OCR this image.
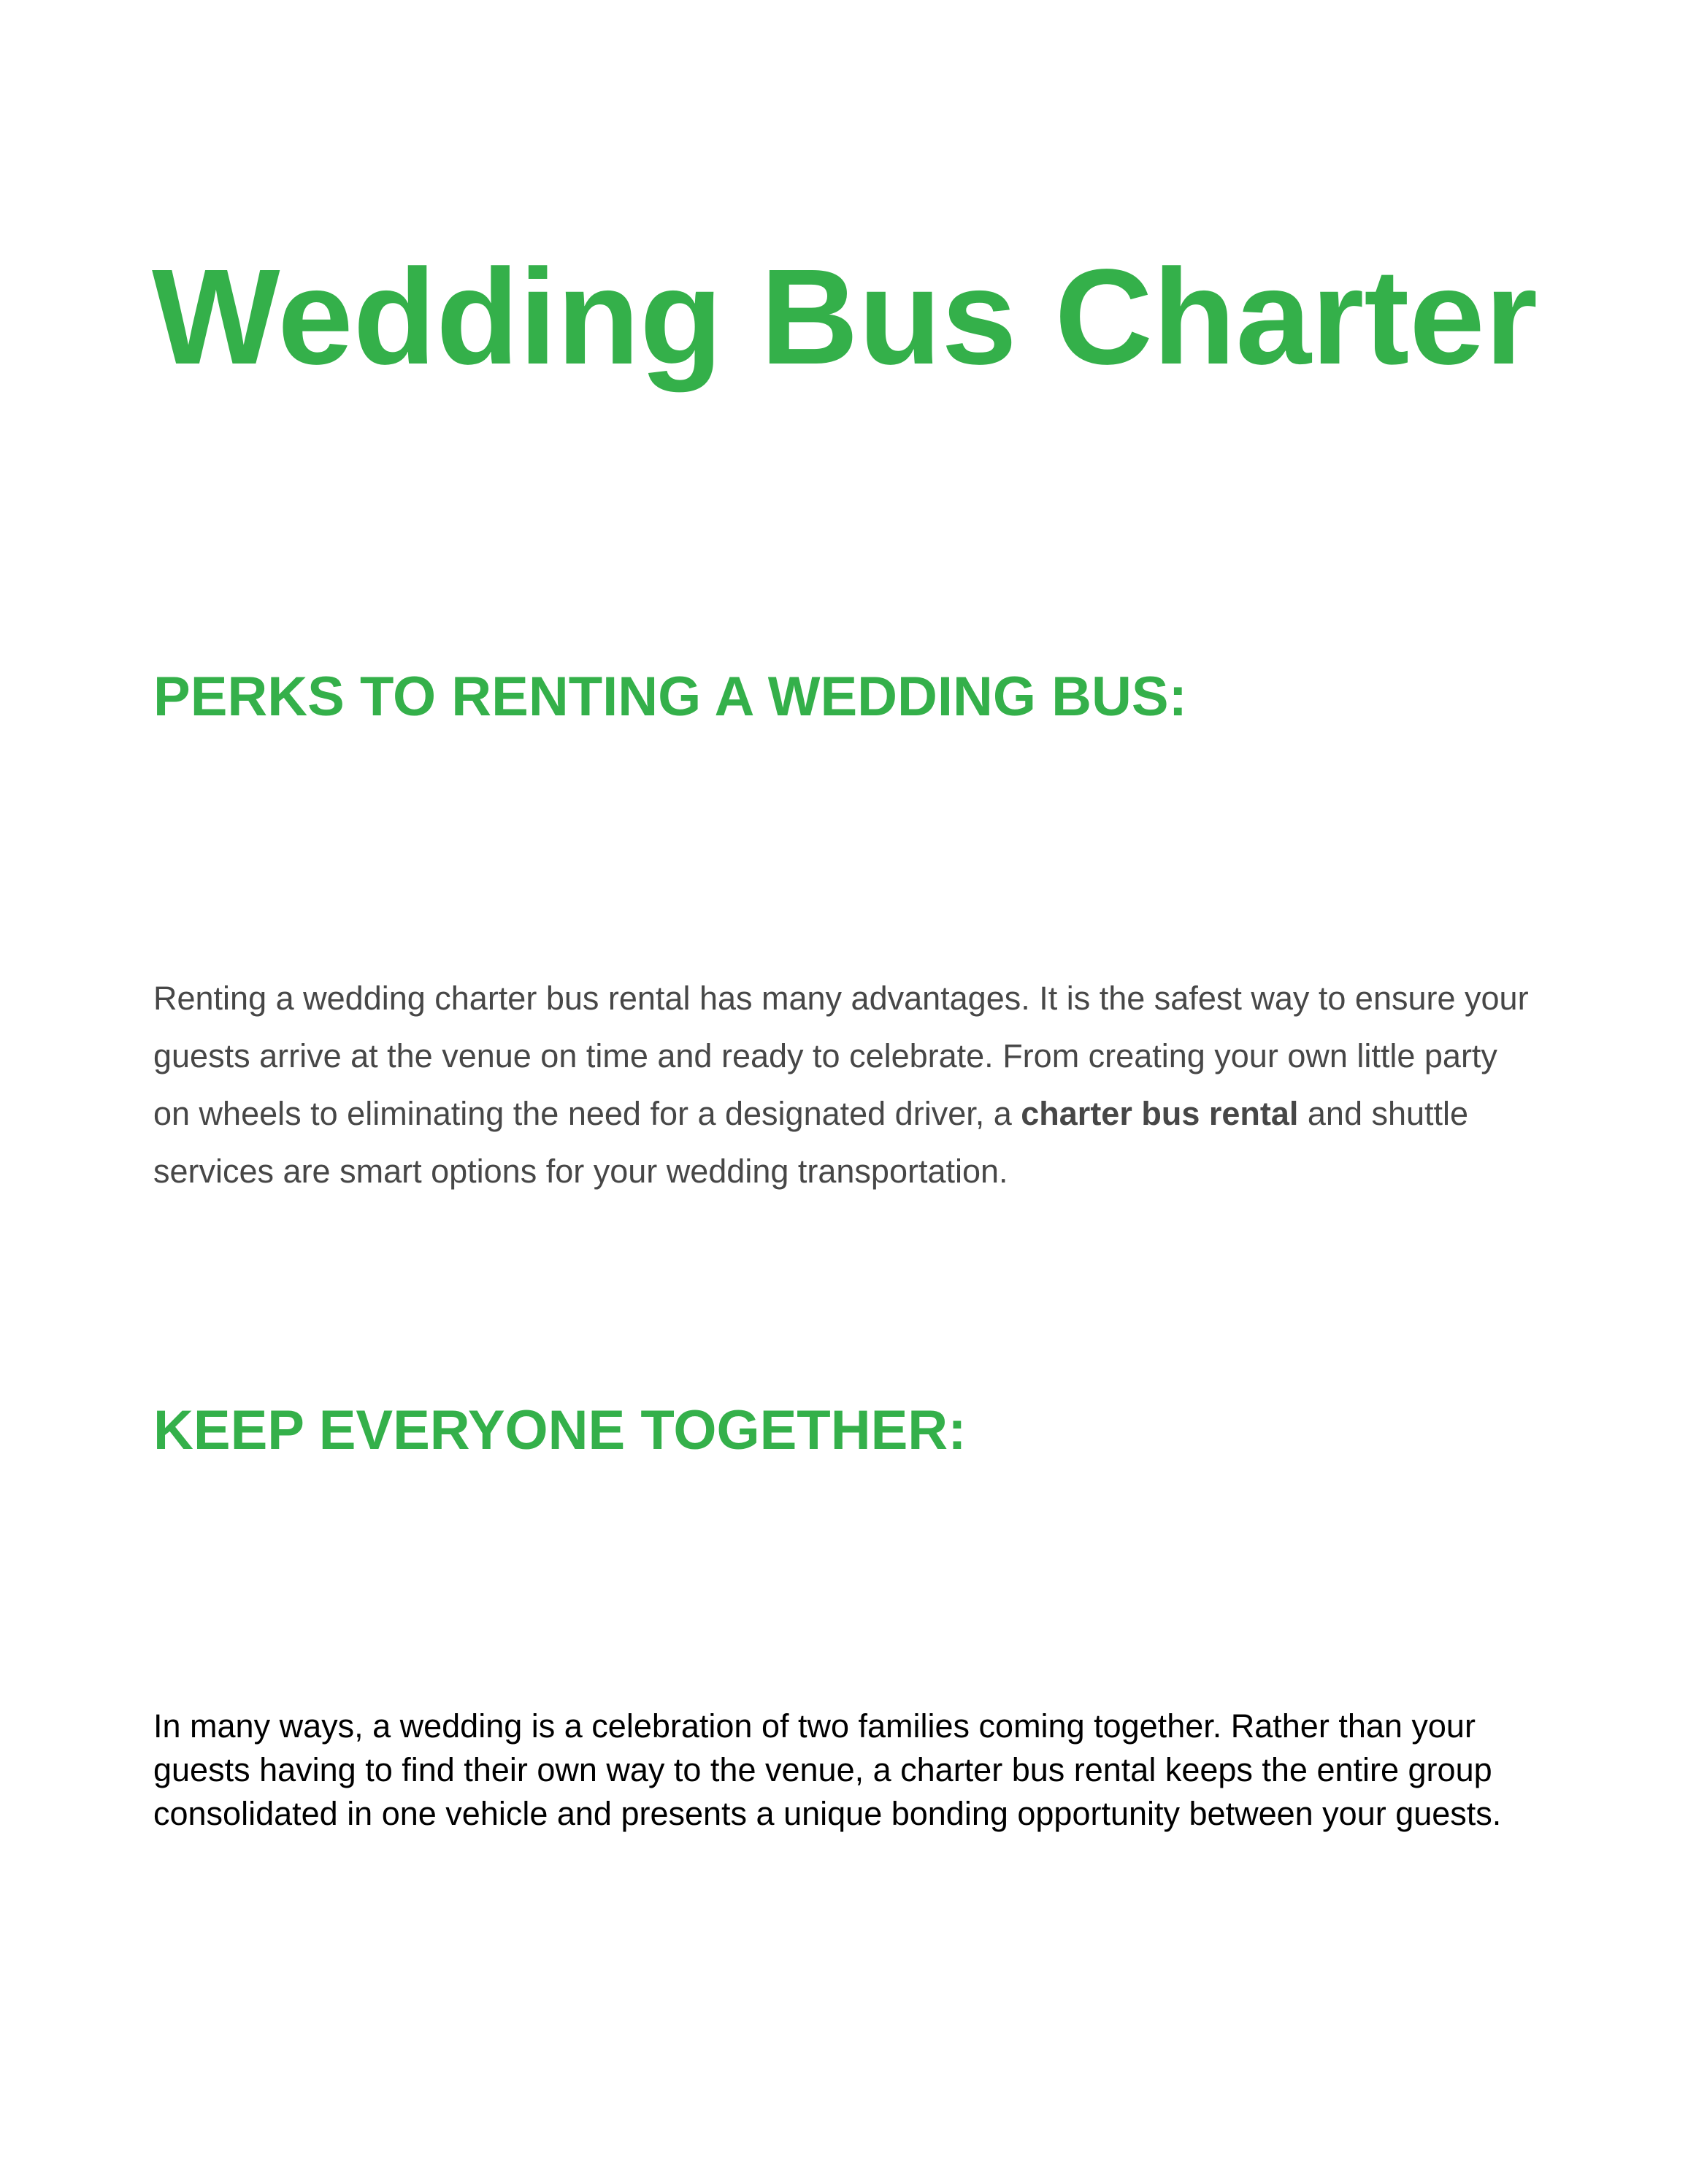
Wedding Bus Charter
PERKS TO RENTING A WEDDING BUS:

Renting a wedding charter bus rental has many advantages. It is the safest way to ensure your guests arrive at the venue on time and ready to celebrate. From creating your own little party on wheels to eliminating the need for a designated driver, a charter bus rental and shuttle services are smart options for your wedding transportation.

KEEP EVERYONE TOGETHER:

In many ways, a wedding is a celebration of two families coming together. Rather than your guests having to find their own way to the venue, a charter bus rental keeps the entire group consolidated in one vehicle and presents a unique bonding opportunity between your guests.
